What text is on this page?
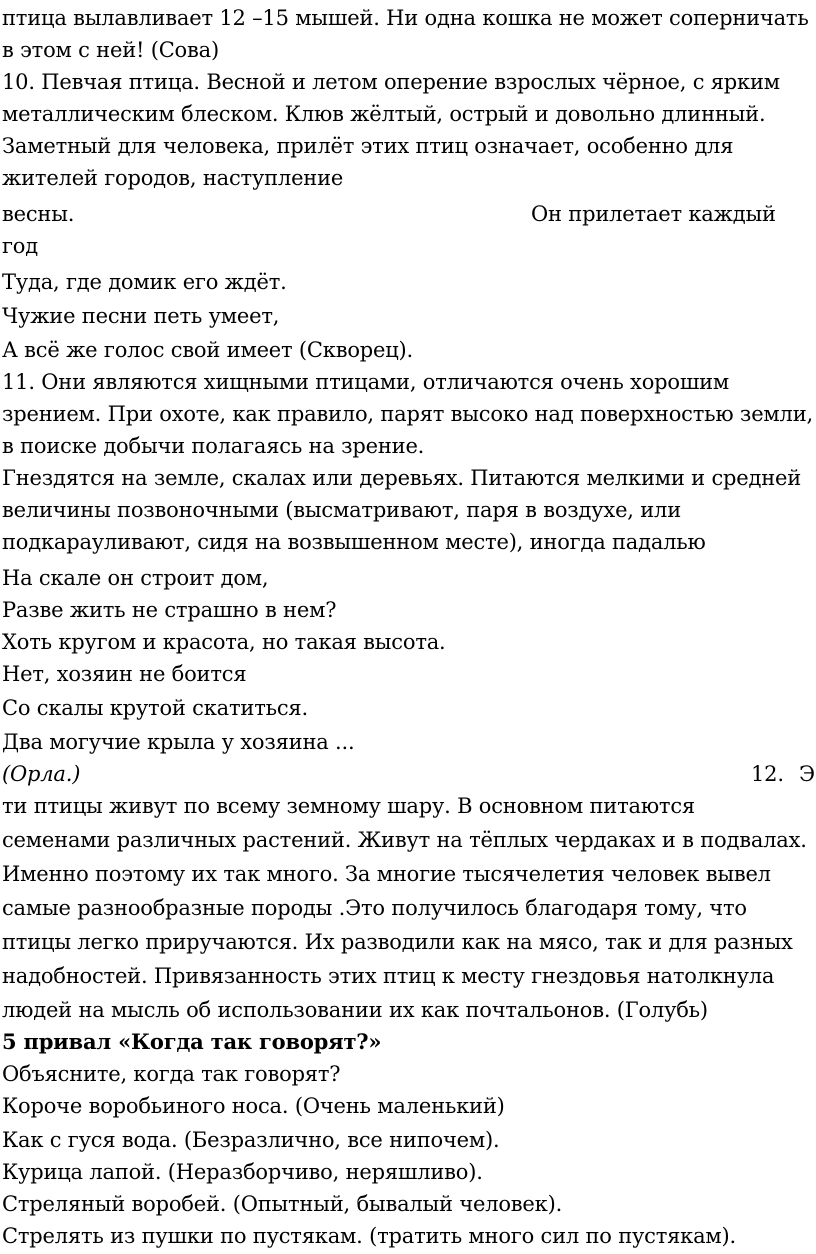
птица вылавливает 12 –15 мышей. Ни одна кошка не может соперничать
в этом с ней! (Сова)
10. Певчая птица. Весной и летом оперение взрослых чёрное, с ярким
металлическим блеском. Клюв жёлтый, острый и довольно длинный.
Заметный для человека, прилёт этих птиц означает, особенно для
жителей городов, наступление
весны.	Он прилетает каждый
год
Туда, где домик его ждёт.
Чужие песни петь умеет,
А всё же голос свой имеет (Скворец).
11. Они являются хищными птицами, отличаются очень хорошим
зрением. При охоте, как правило, парят высоко над поверхностью земли,
в поиске добычи полагаясь на зрение.
Гнездятся на земле, скалах или деревьях. Питаются мелкими и средней
величины позвоночными (высматривают, паря в воздухе, или
подкарауливают, сидя на возвышенном месте), иногда падалью
На скале он строит дом,
Разве жить не страшно в нем?
Хоть кругом и красота, но такая высота.
Нет, хозяин не боится
Со скалы крутой скатиться.
Два могучие крыла у хозяина ...
(Орла.)	12. Э
ти птицы живут по всему земному шару. В основном питаются
семенами различных растений. Живут на тёплых чердаках и в подвалах.
Именно поэтому их так много. За многие тысячелетия человек вывел
самые разнообразные породы .Это получилось благодаря тому, что
птицы легко приручаются. Их разводили как на мясо, так и для разных
надобностей. Привязанность этих птиц к месту гнездовья натолкнула
людей на мысль об использовании их как почтальонов. (Голубь)
5 привал «Когда так говорят?»
Объясните, когда так говорят?
Короче воробьиного носа. (Очень маленький)
Как с гуся вода. (Безразлично, все нипочем).
Курица лапой. (Неразборчиво, неряшливо).
Стреляный воробей. (Опытный, бывалый человек).
Стрелять из пушки по пустякам. (тратить много сил по пустякам).
